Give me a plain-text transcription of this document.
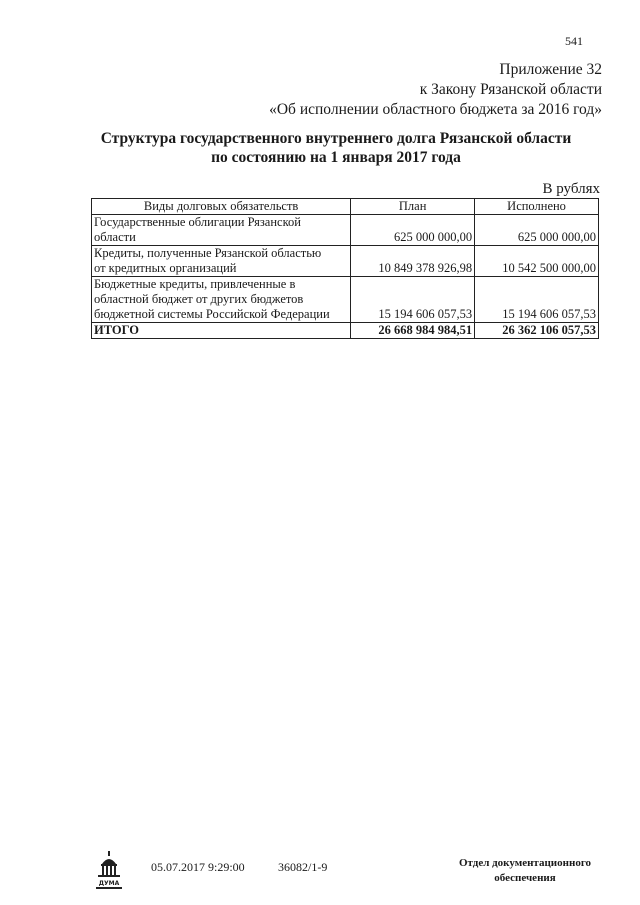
541
Приложение 32
к Закону Рязанской области
«Об исполнении областного бюджета за 2016 год»
Структура государственного внутреннего долга Рязанской области
по состоянию на 1 января 2017 года
В рублях
Виды долговых обязательств	План	Исполнено

Государственные облигации Рязанской
области	625 000 000,00	625 000 000,00

Кредиты, полученные Рязанской областью
от кредитных организаций	10 849 378 926,98	10 542 500 000,00

Бюджетные кредиты, привлеченные в
областной бюджет от других бюджетов
бюджетной системы Российской Федерации	15 194 606 057,53	15 194 606 057,53
ИТОГО	26 668 984 984,51	26 362 106 057,53
ДУМА
05.07.2017 9:29:00	36082/1-9	Отдел документационного
обеспечения
